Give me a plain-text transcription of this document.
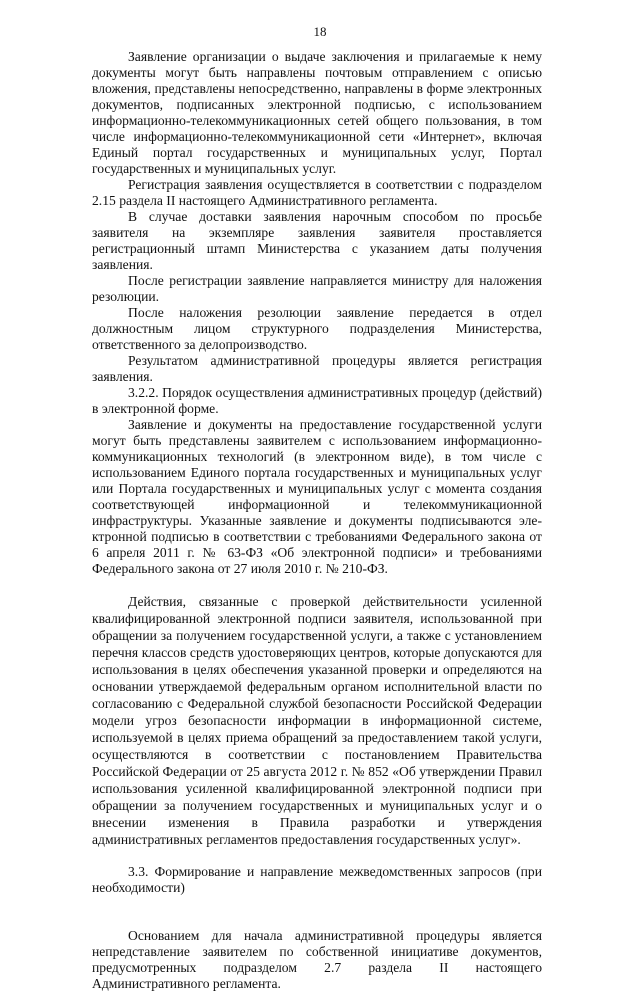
18

Заявление организации о выдаче заключения и прилагаемые к нему документы могут быть направлены почтовым отправлением с описью вложения, представлены непосредственно, направлены в форме электронных документов, подписанных электронной подписью, с использованием информационно-телекоммуникационных сетей общего пользования, в том числе информационно-телекоммуникационной сети «Интернет», включая Единый портал государственных и муниципальных услуг, Портал государственных и муниципальных услуг.

Регистрация заявления осуществляется в соответствии с подразделом 2.15 раздела II настоящего Административного регламента.

В случае доставки заявления нарочным способом по просьбе заявителя на экземпляре заявления заявителя проставляется регистрационный штамп Министерства с указанием даты получения заявления.

После регистрации заявление направляется министру для наложения резолюции.

После наложения резолюции заявление передается в отдел должностным лицом структурного подразделения Министерства, ответственного за делопроизводство.

Результатом административной процедуры является регистрация заявления.

3.2.2. Порядок осуществления административных процедур (действий) в электронной форме.

Заявление и документы на предоставление государственной услуги могут быть представлены заявителем с использованием информационно-коммуникационных технологий (в электронном виде), в том числе с использованием Единого портала государственных и муниципальных услуг или Портала государственных и муниципальных услуг с момента создания соответствующей информационной и телекоммуникационной инфраструктуры. Указанные заявление и документы подписываются электронной подписью в соответствии с требованиями Федерального закона от 6 апреля 2011 г. № 63-ФЗ «Об электронной подписи» и требованиями Федерального закона от 27 июля 2010 г. № 210-ФЗ.

Действия, связанные с проверкой действительности усиленной квалифицированной электронной подписи заявителя, использованной при обращении за получением государственной услуги, а также с установлением перечня классов средств удостоверяющих центров, которые допускаются для использования в целях обеспечения указанной проверки и определяются на основании утверждаемой федеральным органом исполнительной власти по согласованию с Федеральной службой безопасности Российской Федерации модели угроз безопасности информации в информационной системе, используемой в целях приема обращений за предоставлением такой услуги, осуществляются в соответствии с постановлением Правительства Российской Федерации от 25 августа 2012 г. № 852 «Об утверждении Правил использования усиленной квалифицированной электронной подписи при обращении за получением государственных и муниципальных услуг и о внесении изменения в Правила разработки и утверждения административных регламентов предоставления государственных услуг».

3.3. Формирование и направление межведомственных запросов (при необходимости)

Основанием для начала административной процедуры является непредставление заявителем по собственной инициативе документов, предусмотренных подразделом 2.7 раздела II настоящего Административного регламента.
